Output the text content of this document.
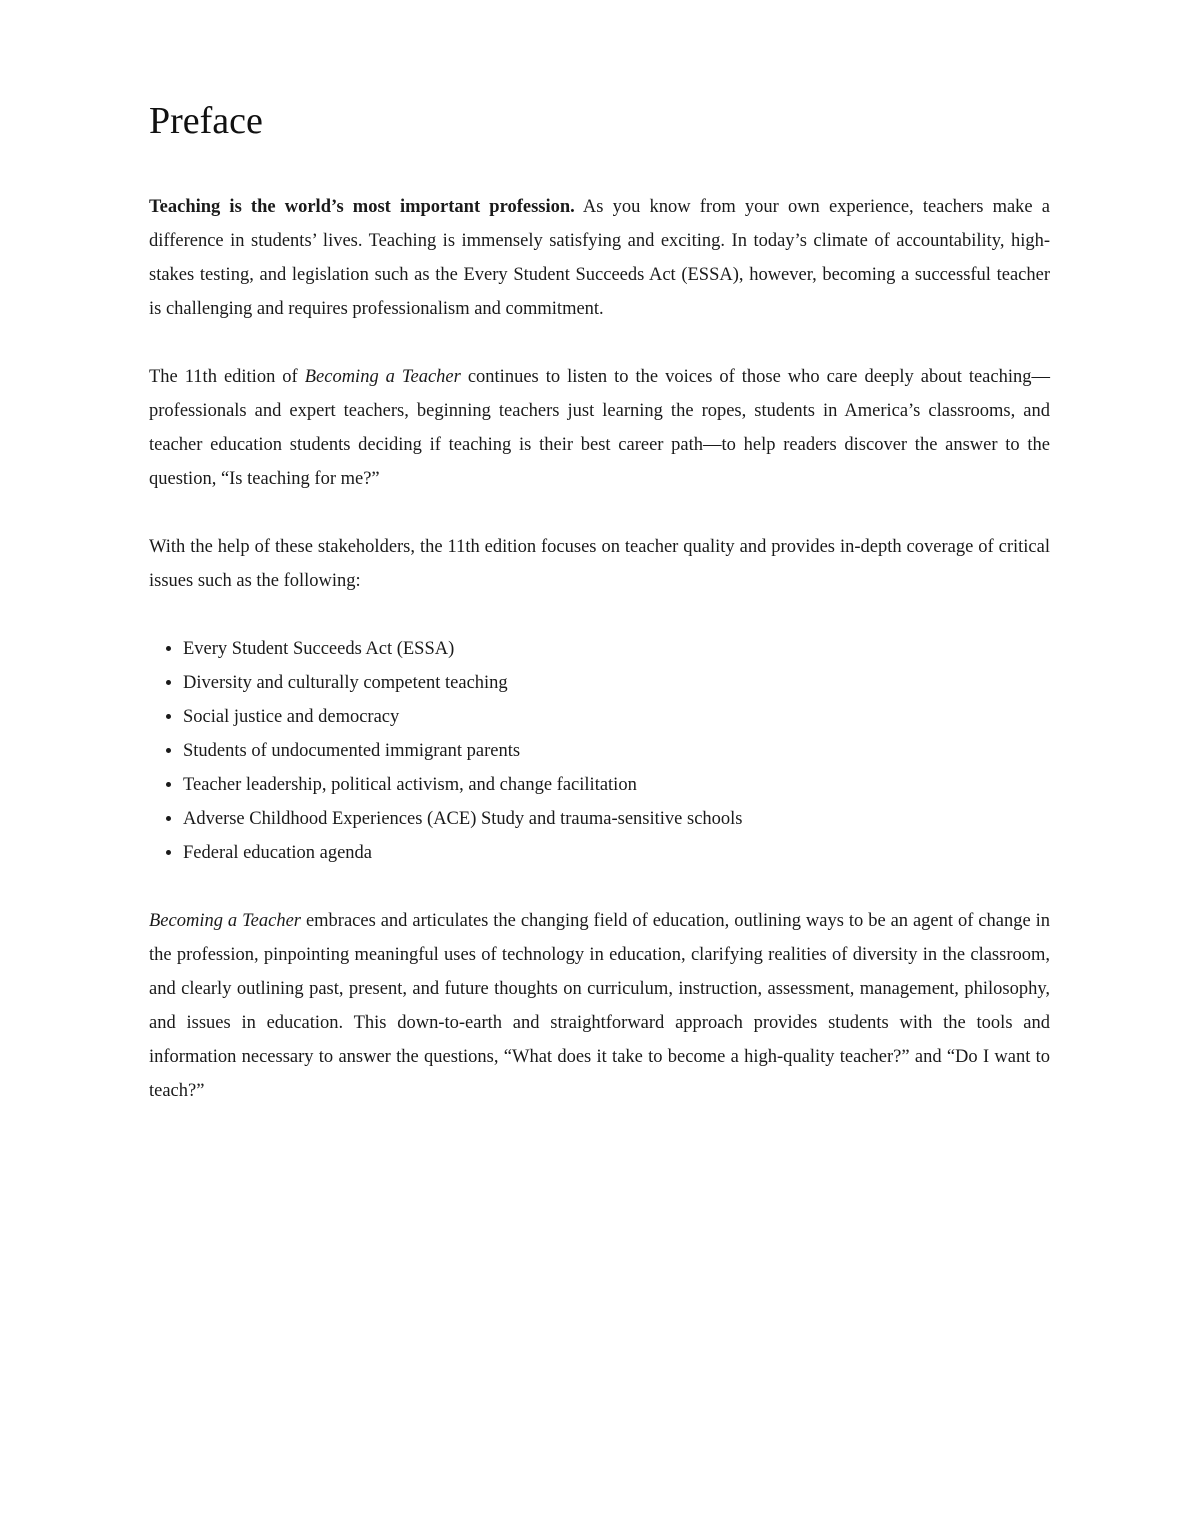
Preface

Teaching is the world’s most important profession. As you know from your own experience, teachers make a difference in students’ lives. Teaching is immensely satisfying and exciting. In today’s climate of accountability, high-stakes testing, and legislation such as the Every Student Succeeds Act (ESSA), however, becoming a successful teacher is challenging and requires professionalism and commitment.

The 11th edition of Becoming a Teacher continues to listen to the voices of those who care deeply about teaching—professionals and expert teachers, beginning teachers just learning the ropes, students in America’s classrooms, and teacher education students deciding if teaching is their best career path—to help readers discover the answer to the question, “Is teaching for me?”

With the help of these stakeholders, the 11th edition focuses on teacher quality and provides in-depth coverage of critical issues such as the following:

• Every Student Succeeds Act (ESSA)
• Diversity and culturally competent teaching
• Social justice and democracy
• Students of undocumented immigrant parents
• Teacher leadership, political activism, and change facilitation
• Adverse Childhood Experiences (ACE) Study and trauma-sensitive schools
• Federal education agenda

Becoming a Teacher embraces and articulates the changing field of education, outlining ways to be an agent of change in the profession, pinpointing meaningful uses of technology in education, clarifying realities of diversity in the classroom, and clearly outlining past, present, and future thoughts on curriculum, instruction, assessment, management, philosophy, and issues in education. This down-to-earth and straightforward approach provides students with the tools and information necessary to answer the questions, “What does it take to become a high-quality teacher?” and “Do I want to teach?”
